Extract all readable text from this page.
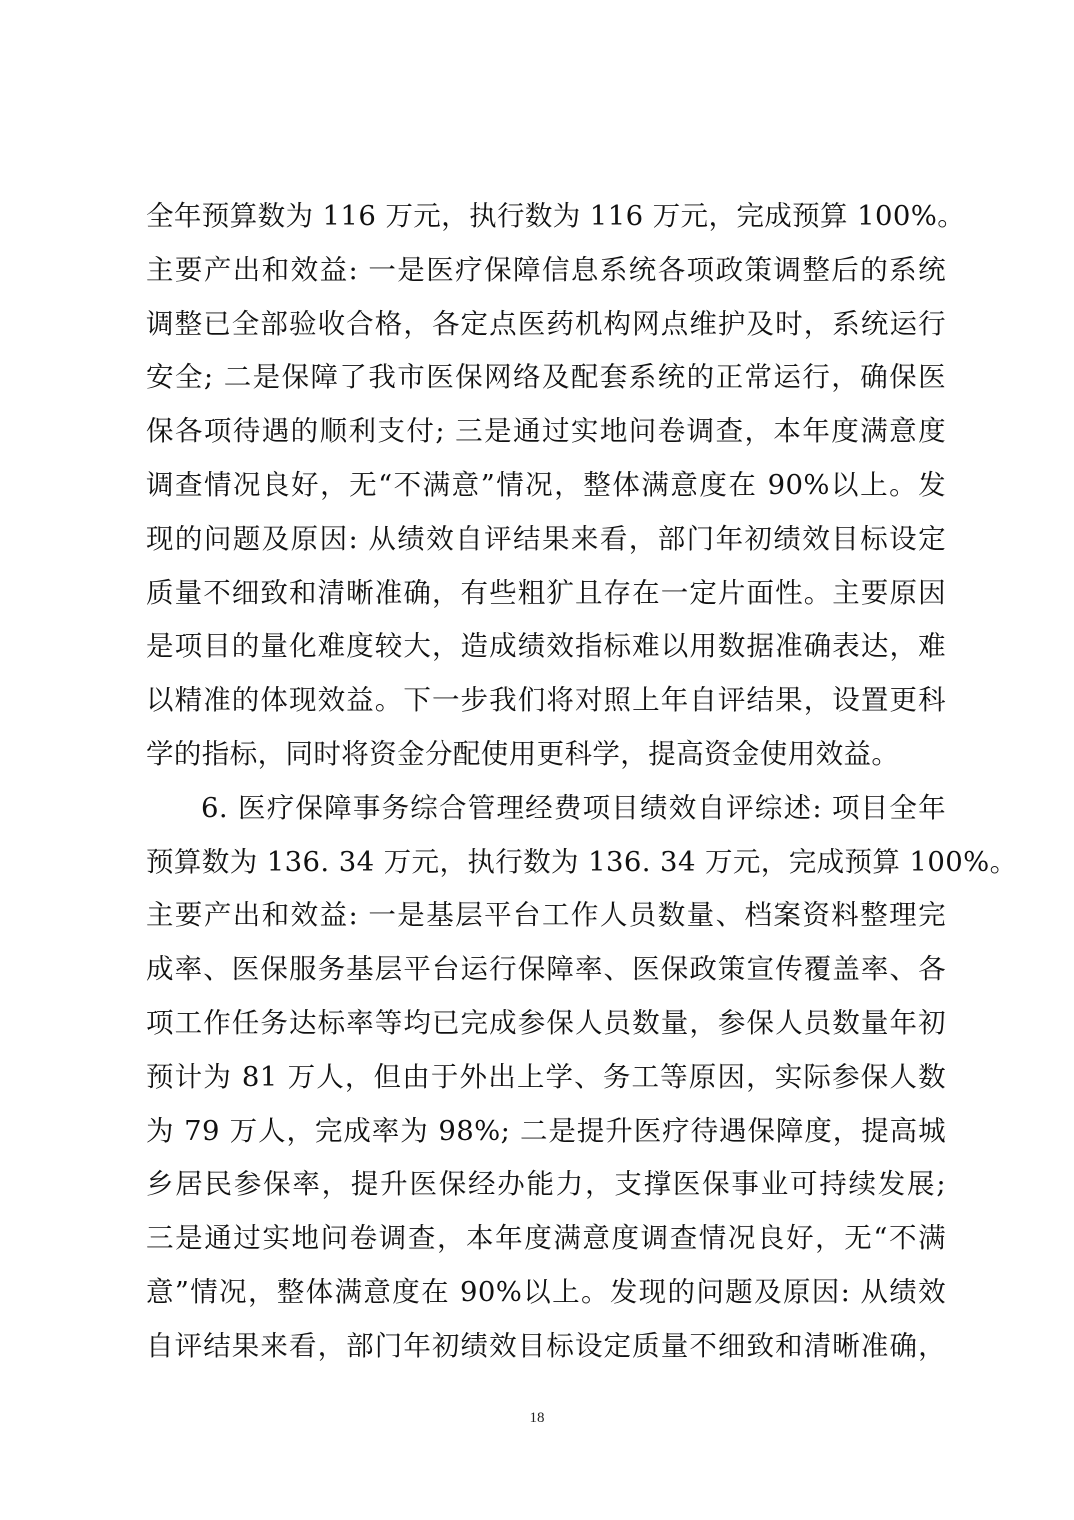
全年预算数为 116 万元，执行数为 116 万元，完成预算 100%。
主要产出和效益: 一是医疗保障信息系统各项政策调整后的系统
调整已全部验收合格，各定点医药机构网点维护及时，系统运行
安全; 二是保障了我市医保网络及配套系统的正常运行，确保医
保各项待遇的顺利支付; 三是通过实地问卷调查，本年度满意度
调查情况良好，无“不满意”情况，整体满意度在 90%以上。发
现的问题及原因: 从绩效自评结果来看，部门年初绩效目标设定
质量不细致和清晰准确，有些粗犷且存在一定片面性。主要原因
是项目的量化难度较大，造成绩效指标难以用数据准确表达，难
以精准的体现效益。下一步我们将对照上年自评结果，设置更科
学的指标，同时将资金分配使用更科学，提高资金使用效益。
6. 医疗保障事务综合管理经费项目绩效自评综述: 项目全年
预算数为 136. 34 万元，执行数为 136. 34 万元，完成预算 100%。
主要产出和效益: 一是基层平台工作人员数量、档案资料整理完
成率、医保服务基层平台运行保障率、医保政策宣传覆盖率、各
项工作任务达标率等均已完成参保人员数量，参保人员数量年初
预计为 81 万人，但由于外出上学、务工等原因，实际参保人数
为 79 万人，完成率为 98%; 二是提升医疗待遇保障度，提高城
乡居民参保率，提升医保经办能力，支撑医保事业可持续发展;
三是通过实地问卷调查，本年度满意度调查情况良好，无“不满
意”情况，整体满意度在 90%以上。发现的问题及原因: 从绩效
自评结果来看，部门年初绩效目标设定质量不细致和清晰准确，
18
